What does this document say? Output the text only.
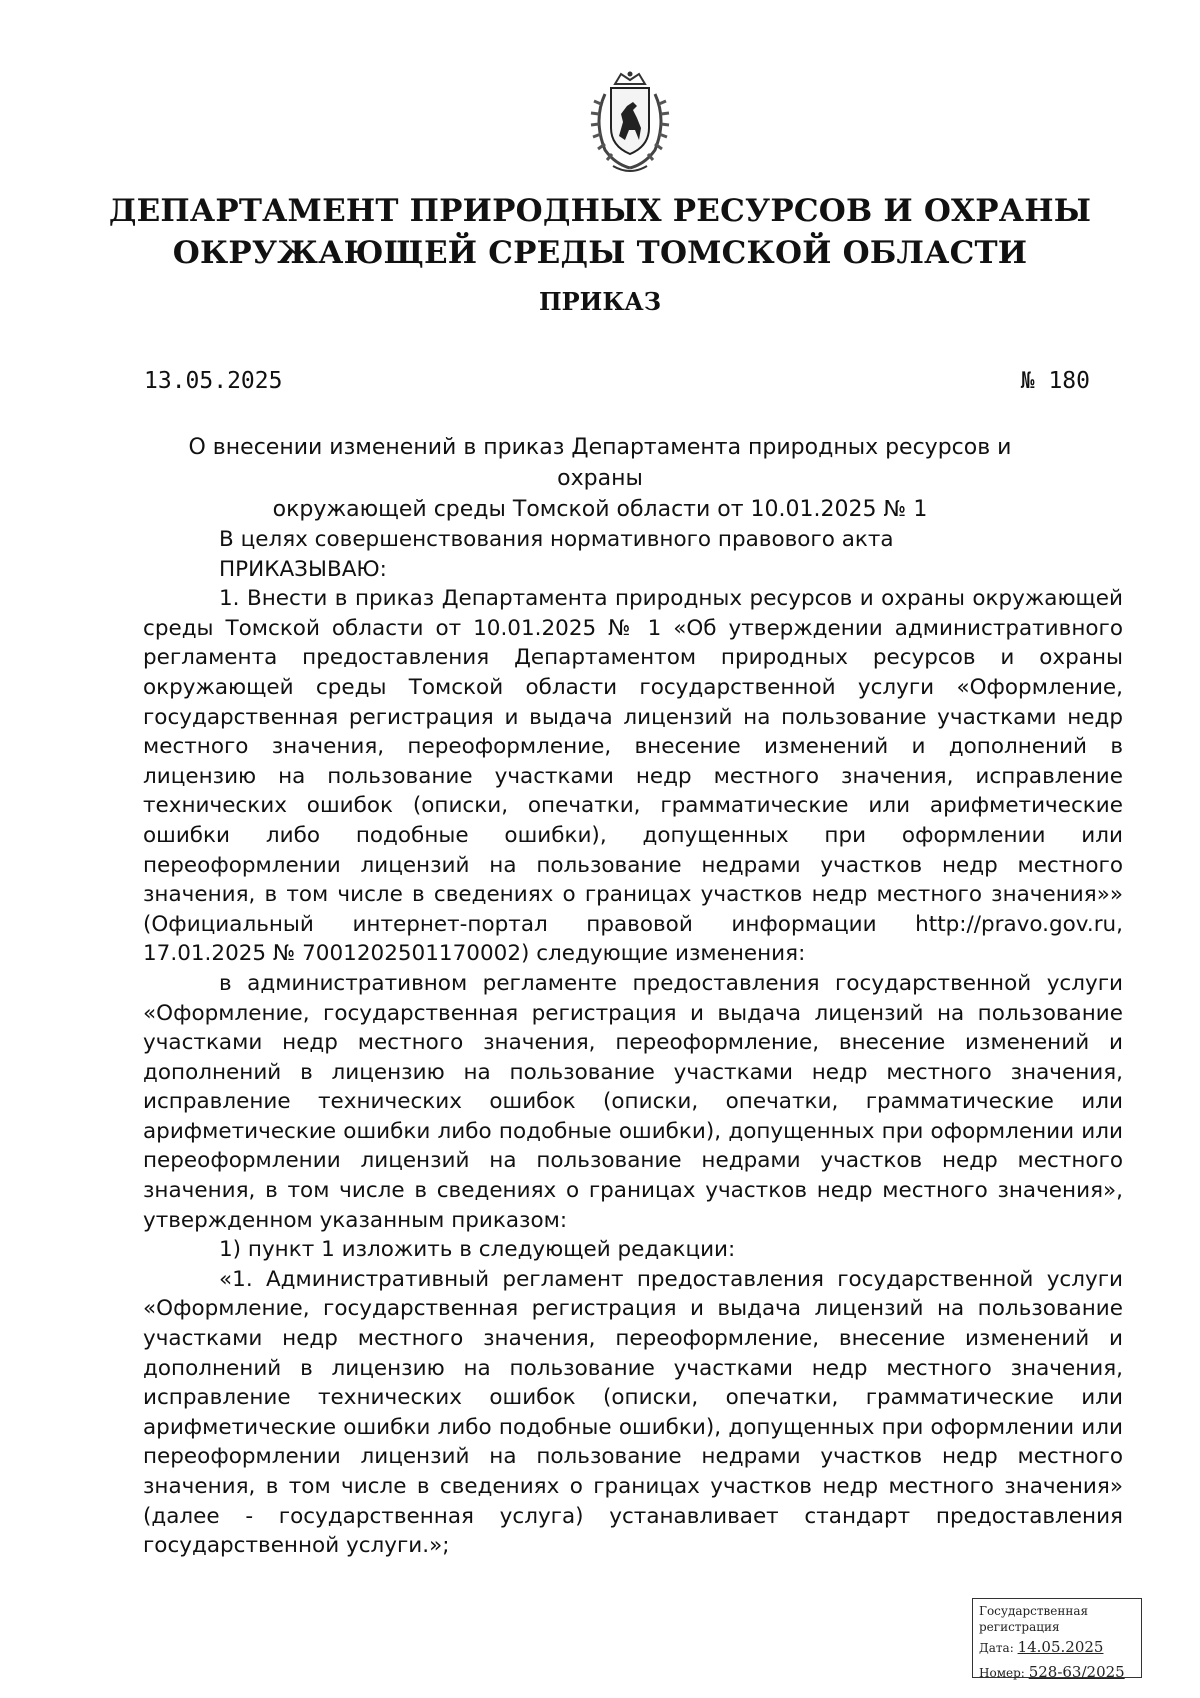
ДЕПАРТАМЕНТ ПРИРОДНЫХ РЕСУРСОВ И ОХРАНЫ
ОКРУЖАЮЩЕЙ СРЕДЫ ТОМСКОЙ ОБЛАСТИ
ПРИКАЗ
13.05.2025	№ 180
О внесении изменений в приказ Департамента природных ресурсов и охраны
окружающей среды Томской области от 10.01.2025 № 1

В целях совершенствования нормативного правового акта

ПРИКАЗЫВАЮ:

1. Внести в приказ Департамента природных ресурсов и охраны окружающей среды Томской области от 10.01.2025 № 1 «Об утверждении административного регламента предоставления Департаментом природных ресурсов и охраны окружающей среды Томской области государственной услуги «Оформление, государственная регистрация и выдача лицензий на пользование участками недр местного значения, переоформление, внесение изменений и дополнений в лицензию на пользование участками недр местного значения, исправление технических ошибок (описки, опечатки, грамматические или арифметические ошибки либо подобные ошибки), допущенных при оформлении или переоформлении лицензий на пользование недрами участков недр местного значения, в том числе в сведениях о границах участков недр местного значения»» (Официальный интернет-портал правовой информации http://pravo.gov.ru, 17.01.2025 № 7001202501170002) следующие изменения:

в административном регламенте предоставления государственной услуги «Оформление, государственная регистрация и выдача лицензий на пользование участками недр местного значения, переоформление, внесение изменений и дополнений в лицензию на пользование участками недр местного значения, исправление технических ошибок (описки, опечатки, грамматические или арифметические ошибки либо подобные ошибки), допущенных при оформлении или переоформлении лицензий на пользование недрами участков недр местного значения, в том числе в сведениях о границах участков недр местного значения», утвержденном указанным приказом:

1) пункт 1 изложить в следующей редакции:

«1. Административный регламент предоставления государственной услуги «Оформление, государственная регистрация и выдача лицензий на пользование участками недр местного значения, переоформление, внесение изменений и дополнений в лицензию на пользование участками недр местного значения, исправление технических ошибок (описки, опечатки, грамматические или арифметические ошибки либо подобные ошибки), допущенных при оформлении или переоформлении лицензий на пользование недрами участков недр местного значения, в том числе в сведениях о границах участков недр местного значения» (далее - государственная услуга) устанавливает стандарт предоставления государственной услуги.»;

Государственная регистрация
Дата: 14.05.2025
Номер: 528-63/2025
